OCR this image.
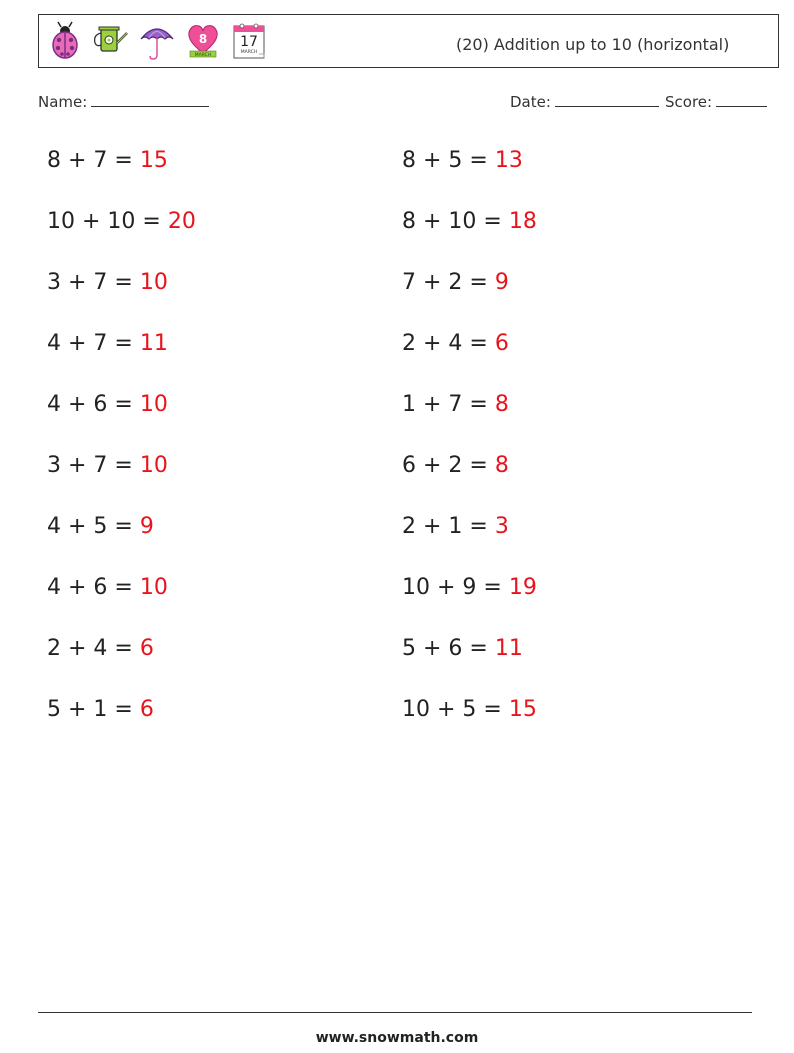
8
MARCH
17
MARCH	(20) Addition up to 10 (horizontal)
Name:	Date:	Score:
8 + 7 = 15	8 + 5 = 13
10 + 10 = 20	8 + 10 = 18
3 + 7 = 10	7 + 2 = 9
4 + 7 = 11	2 + 4 = 6
4 + 6 = 10	1 + 7 = 8
3 + 7 = 10	6 + 2 = 8
4 + 5 = 9	2 + 1 = 3
4 + 6 = 10	10 + 9 = 19
2 + 4 = 6	5 + 6 = 11
5 + 1 = 6	10 + 5 = 15
www.snowmath.com
